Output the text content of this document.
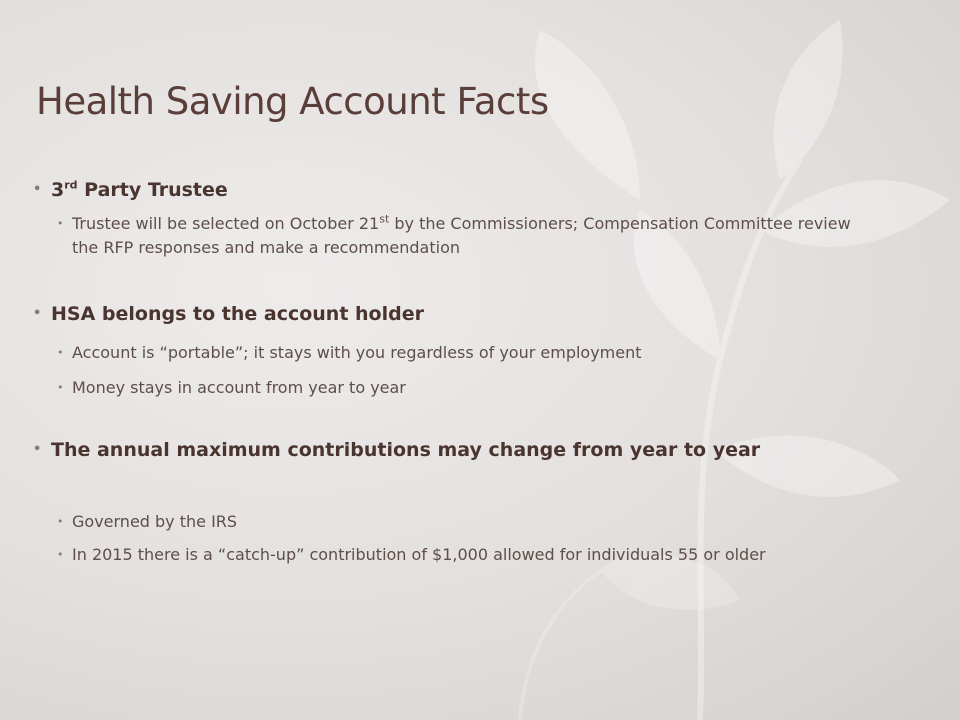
Health Saving Account Facts
• 3rd Party Trustee
• Trustee will be selected on October 21st by the Commissioners; Compensation Committee review the RFP responses and make a recommendation
• HSA belongs to the account holder
• Account is “portable”; it stays with you regardless of your employment
• Money stays in account from year to year
• The annual maximum contributions may change from year to year
• Governed by the IRS
• In 2015 there is a “catch-up” contribution of $1,000 allowed for individuals 55 or older
